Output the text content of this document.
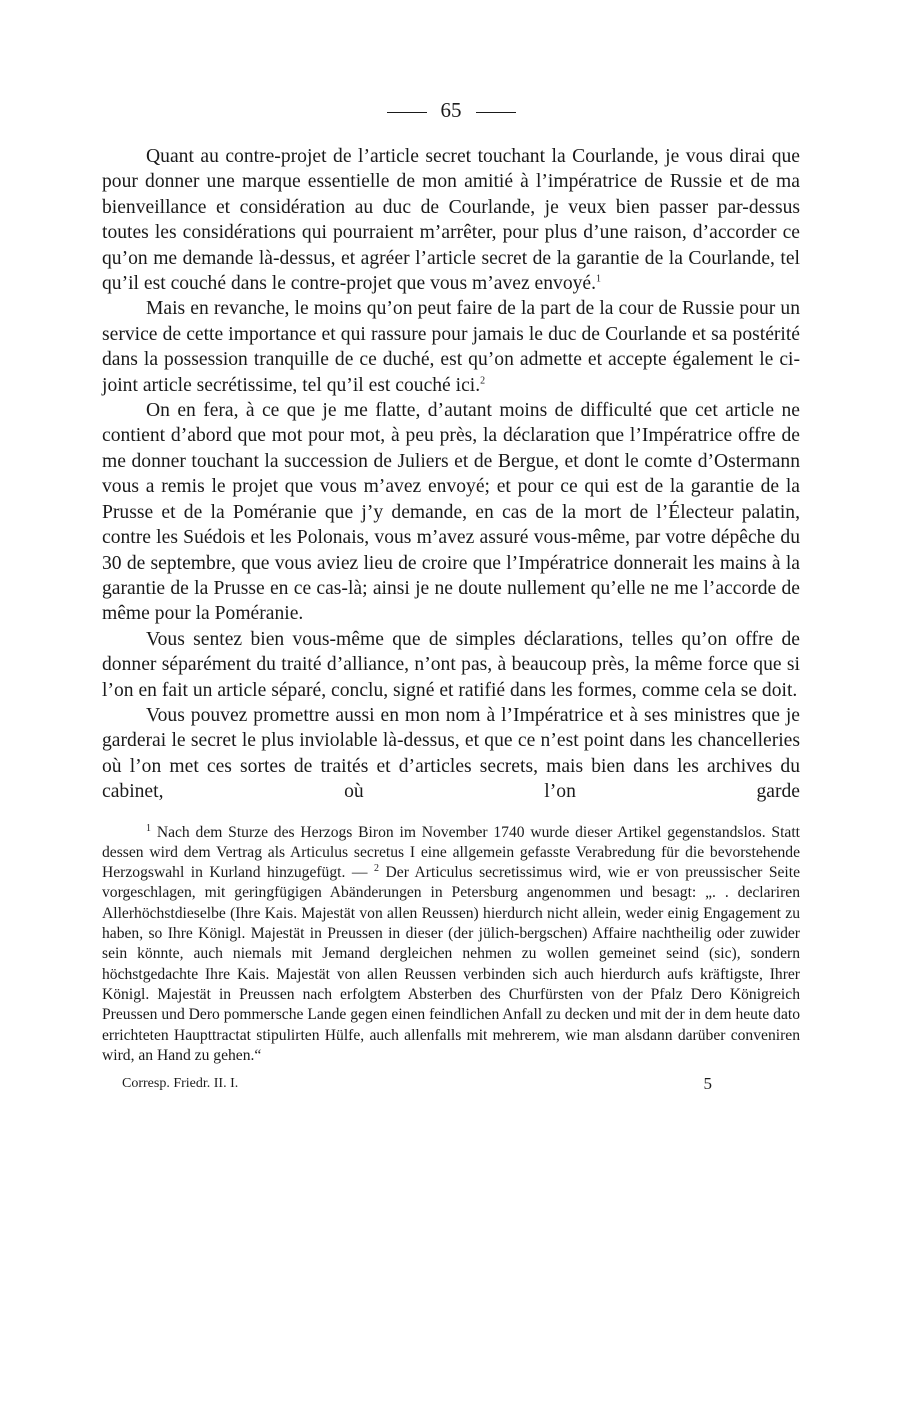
65

Quant au contre-projet de l’article secret touchant la Courlande, je vous dirai que pour donner une marque essentielle de mon amitié à l’impératrice de Russie et de ma bienveillance et considération au duc de Courlande, je veux bien passer par-dessus toutes les considérations qui pourraient m’arrêter, pour plus d’une raison, d’accorder ce qu’on me demande là-dessus, et agréer l’article secret de la garantie de la Courlande, tel qu’il est couché dans le contre-projet que vous m’avez envoyé.$^1$

Mais en revanche, le moins qu’on peut faire de la part de la cour de Russie pour un service de cette importance et qui rassure pour jamais le duc de Courlande et sa postérité dans la possession tranquille de ce duché, est qu’on admette et accepte également le ci-joint article secrétissime, tel qu’il est couché ici.$^2$

On en fera, à ce que je me flatte, d’autant moins de difficulté que cet article ne contient d’abord que mot pour mot, à peu près, la déclaration que l’Impératrice offre de me donner touchant la succession de Juliers et de Bergue, et dont le comte d’Ostermann vous a remis le projet que vous m’avez envoyé; et pour ce qui est de la garantie de la Prusse et de la Poméranie que j’y demande, en cas de la mort de l’Électeur palatin, contre les Suédois et les Polonais, vous m’avez assuré vous-même, par votre dépêche du 30 de septembre, que vous aviez lieu de croire que l’Impératrice donnerait les mains à la garantie de la Prusse en ce cas-là; ainsi je ne doute nullement qu’elle ne me l’accorde de même pour la Poméranie.

Vous sentez bien vous-même que de simples déclarations, telles qu’on offre de donner séparément du traité d’alliance, n’ont pas, à beaucoup près, la même force que si l’on en fait un article séparé, conclu, signé et ratifié dans les formes, comme cela se doit.

Vous pouvez promettre aussi en mon nom à l’Impératrice et à ses ministres que je garderai le secret le plus inviolable là-dessus, et que ce n’est point dans les chancelleries où l’on met ces sortes de traités et d’articles secrets, mais bien dans les archives du cabinet, où l’on garde

$^1$ Nach dem Sturze des Herzogs Biron im November 1740 wurde dieser Artikel gegenstandslos. Statt dessen wird dem Vertrag als Articulus secretus I eine allgemein gefasste Verabredung für die bevorstehende Herzogswahl in Kurland hinzugefügt. — $^2$ Der Articulus secretissimus wird, wie er von preussischer Seite vorgeschlagen, mit geringfügigen Abänderungen in Petersburg angenommen und besagt: „. . declariren Allerhöchstdieselbe (Ihre Kais. Majestät von allen Reussen) hierdurch nicht allein, weder einig Engagement zu haben, so Ihre Königl. Majestät in Preussen in dieser (der jülich-bergschen) Affaire nachtheilig oder zuwider sein könnte, auch niemals mit Jemand dergleichen nehmen zu wollen gemeinet seind (sic), sondern höchstgedachte Ihre Kais. Majestät von allen Reussen verbinden sich auch hierdurch aufs kräftigste, Ihrer Königl. Majestät in Preussen nach erfolgtem Absterben des Churfürsten von der Pfalz Dero Königreich Preussen und Dero pommersche Lande gegen einen feindlichen Anfall zu decken und mit der in dem heute dato errichteten Haupttractat stipulirten Hülfe, auch allenfalls mit mehrerem, wie man alsdann darüber conveniren wird, an Hand zu gehen.“

Corresp. Friedr. II. I.	5
